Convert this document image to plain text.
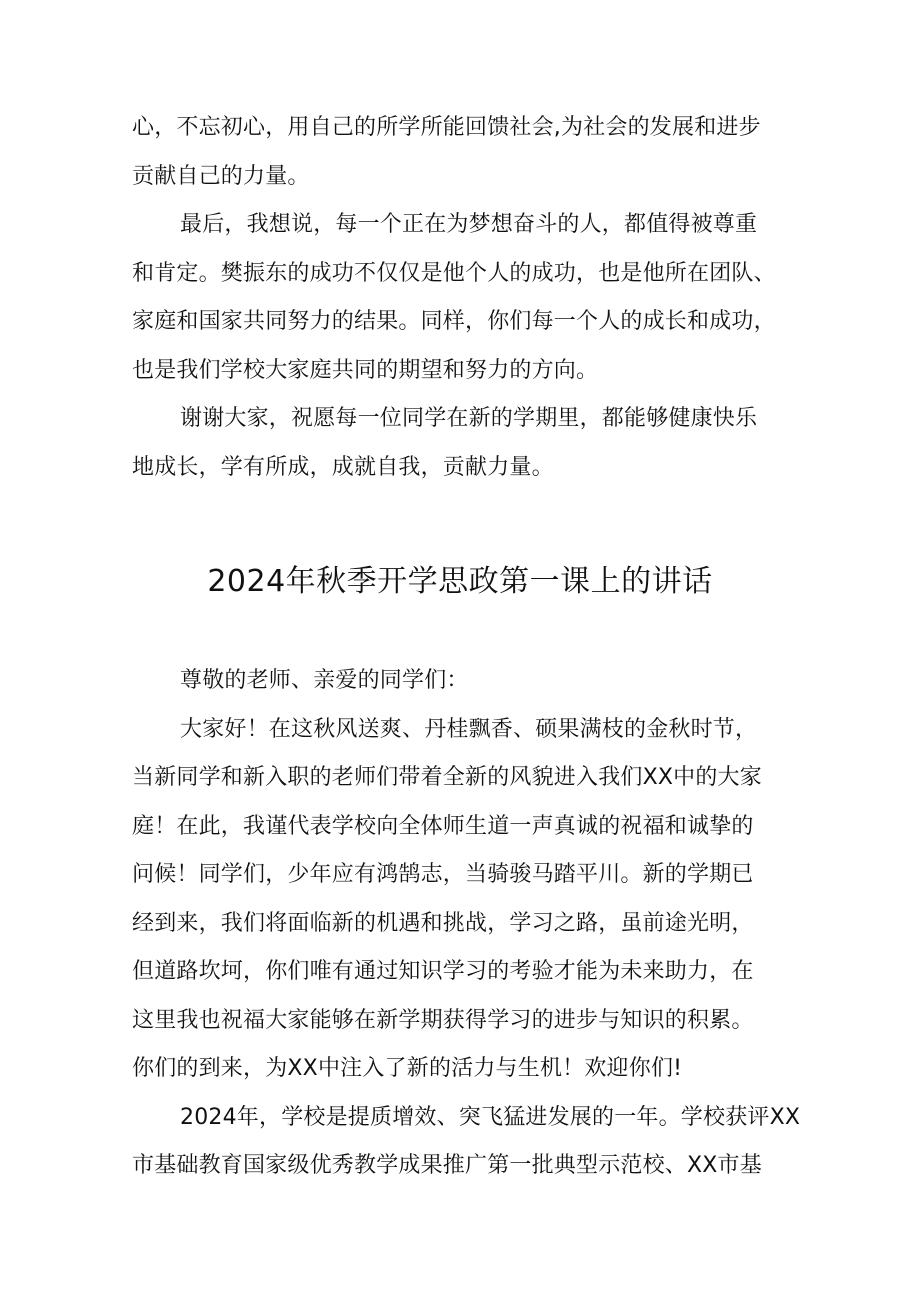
心，不忘初心，用自己的所学所能回馈社会,为社会的发展和进步
贡献自己的力量。
最后，我想说，每一个正在为梦想奋斗的人，都值得被尊重
和肯定。樊振东的成功不仅仅是他个人的成功，也是他所在团队、
家庭和国家共同努力的结果。同样，你们每一个人的成长和成功，
也是我们学校大家庭共同的期望和努力的方向。
谢谢大家，祝愿每一位同学在新的学期里，都能够健康快乐
地成长，学有所成，成就自我，贡献力量。
2024年秋季开学思政第一课上的讲话
尊敬的老师、亲爱的同学们：
大家好！在这秋风送爽、丹桂飘香、硕果满枝的金秋时节，
当新同学和新入职的老师们带着全新的风貌进入我们XX中的大家
庭！在此，我谨代表学校向全体师生道一声真诚的祝福和诚挚的
问候！同学们，少年应有鸿鹄志，当骑骏马踏平川。新的学期已
经到来，我们将面临新的机遇和挑战，学习之路，虽前途光明，
但道路坎坷，你们唯有通过知识学习的考验才能为未来助力，在
这里我也祝福大家能够在新学期获得学习的进步与知识的积累。
你们的到来，为XX中注入了新的活力与生机！欢迎你们!
2024年，学校是提质增效、突飞猛进发展的一年。学校获评XX
市基础教育国家级优秀教学成果推广第一批典型示范校、XX市基
